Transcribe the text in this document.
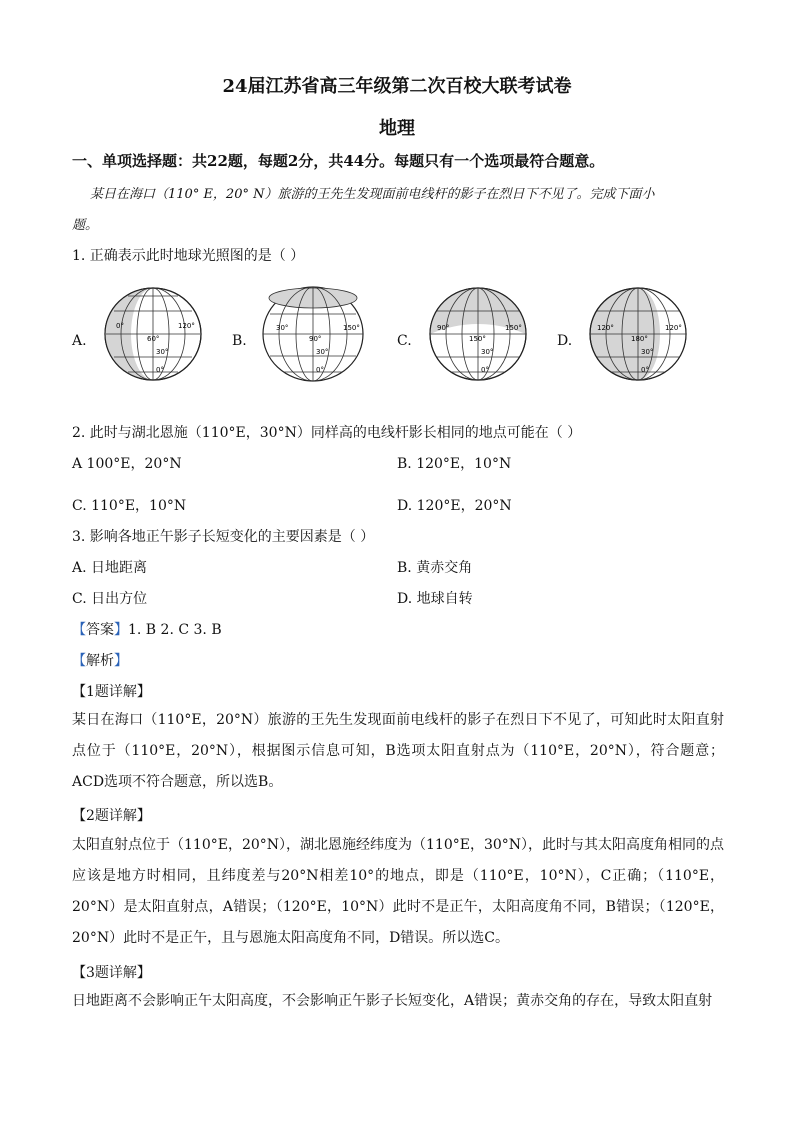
24届江苏省高三年级第二次百校大联考试卷
地理
一、单项选择题：共22题，每题2分，共44分。每题只有一个选项最符合题意。
某日在海口（110° E，20° N）旅游的王先生发现面前电线杆的影子在烈日下不见了。完成下面小
题。
1. 正确表示此时地球光照图的是（ ）
A.	B.	C.	D.
0°	120°
60°
30°
0°
30°	150°
90°
30°
0°
90°	150°
150°
30°
0°
120°	120°
180°
30°
0°
2. 此时与湖北恩施（110°E，30°N）同样高的电线杆影长相同的地点可能在（ ）
A 100°E，20°N	B. 120°E，10°N
C. 110°E，10°N	D. 120°E，20°N
3. 影响各地正午影子长短变化的主要因素是（ ）
A. 日地距离	B. 黄赤交角
C. 日出方位	D. 地球自转
【答案】1. B 2. C 3. B
【解析】
【1题详解】
某日在海口（110°E，20°N）旅游的王先生发现面前电线杆的影子在烈日下不见了，可知此时太阳直射点位于（110°E，20°N），根据图示信息可知，B选项太阳直射点为（110°E，20°N），符合题意；ACD选项不符合题意，所以选B。
【2题详解】
太阳直射点位于（110°E，20°N），湖北恩施经纬度为（110°E，30°N），此时与其太阳高度角相同的点应该是地方时相同，且纬度差与20°N相差10°的地点，即是（110°E，10°N），C正确；（110°E，20°N）是太阳直射点，A错误；（120°E，10°N）此时不是正午，太阳高度角不同，B错误；（120°E，20°N）此时不是正午，且与恩施太阳高度角不同，D错误。所以选C。
【3题详解】
日地距离不会影响正午太阳高度，不会影响正午影子长短变化，A错误；黄赤交角的存在，导致太阳直射
